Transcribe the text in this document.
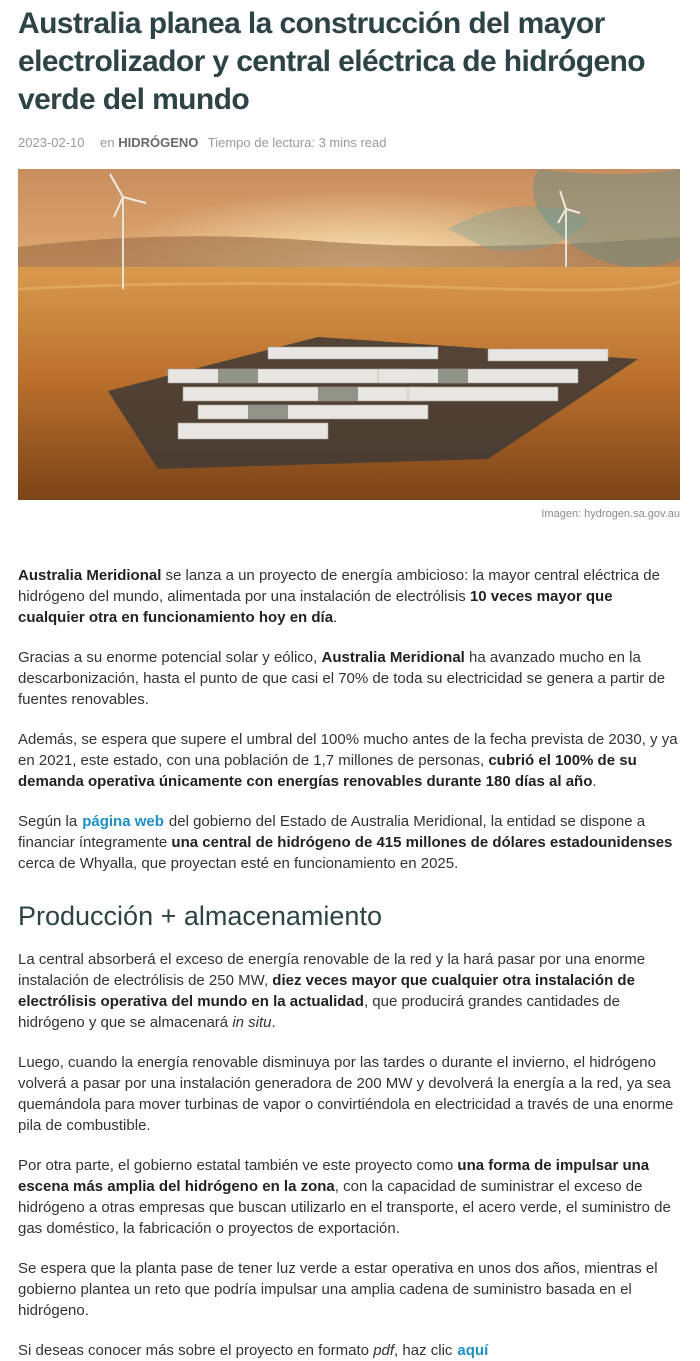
Australia planea la construcción del mayor electrolizador y central eléctrica de hidrógeno verde del mundo
2023-02-10 en HIDRÓGENO Tiempo de lectura: 3 mins read
Imagen: hydrogen.sa.gov.au

Australia Meridional se lanza a un proyecto de energía ambicioso: la mayor central eléctrica de hidrógeno del mundo, alimentada por una instalación de electrólisis 10 veces mayor que cualquier otra en funcionamiento hoy en día.

Gracias a su enorme potencial solar y eólico, Australia Meridional ha avanzado mucho en la descarbonización, hasta el punto de que casi el 70% de toda su electricidad se genera a partir de fuentes renovables.

Además, se espera que supere el umbral del 100% mucho antes de la fecha prevista de 2030, y ya en 2021, este estado, con una población de 1,7 millones de personas, cubrió el 100% de su demanda operativa únicamente con energías renovables durante 180 días al año.

Según la página web del gobierno del Estado de Australia Meridional, la entidad se dispone a financiar íntegramente una central de hidrógeno de 415 millones de dólares estadounidenses cerca de Whyalla, que proyectan esté en funcionamiento en 2025.

Producción + almacenamiento

La central absorberá el exceso de energía renovable de la red y la hará pasar por una enorme instalación de electrólisis de 250 MW, diez veces mayor que cualquier otra instalación de electrólisis operativa del mundo en la actualidad, que producirá grandes cantidades de hidrógeno y que se almacenará in situ.

Luego, cuando la energía renovable disminuya por las tardes o durante el invierno, el hidrógeno volverá a pasar por una instalación generadora de 200 MW y devolverá la energía a la red, ya sea quemándola para mover turbinas de vapor o convirtiéndola en electricidad a través de una enorme pila de combustible.

Por otra parte, el gobierno estatal también ve este proyecto como una forma de impulsar una escena más amplia del hidrógeno en la zona, con la capacidad de suministrar el exceso de hidrógeno a otras empresas que buscan utilizarlo en el transporte, el acero verde, el suministro de gas doméstico, la fabricación o proyectos de exportación.

Se espera que la planta pase de tener luz verde a estar operativa en unos dos años, mientras el gobierno plantea un reto que podría impulsar una amplia cadena de suministro basada en el hidrógeno.

Si deseas conocer más sobre el proyecto en formato pdf, haz clic aquí
